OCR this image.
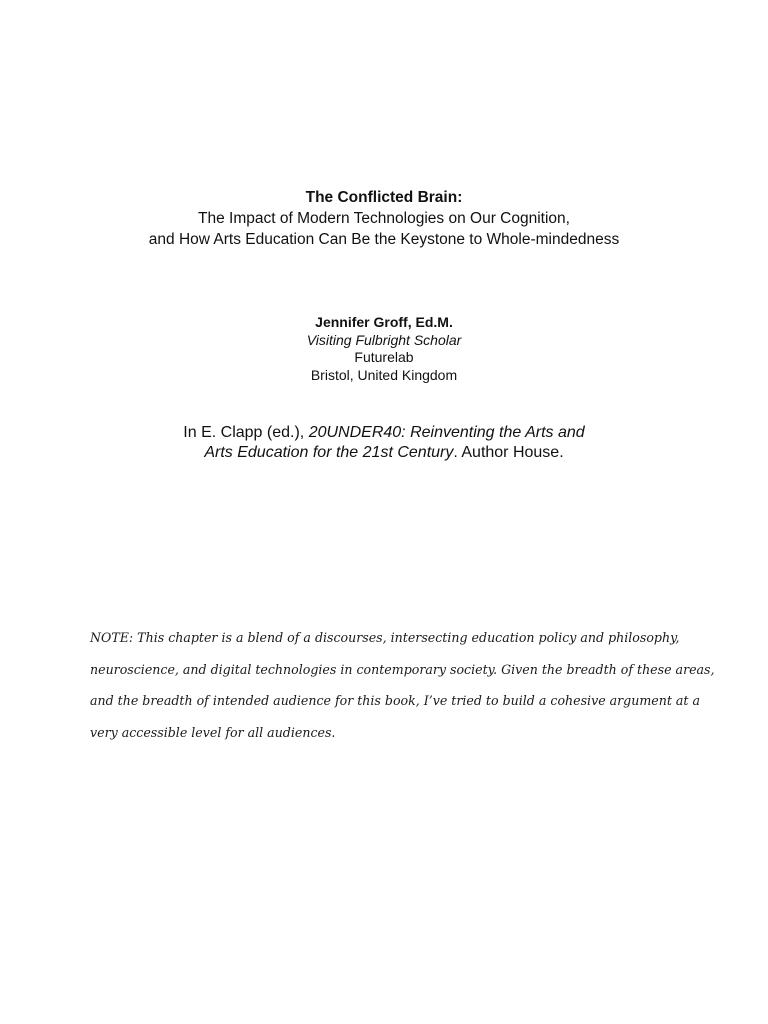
The Conflicted Brain:
The Impact of Modern Technologies on Our Cognition,
and How Arts Education Can Be the Keystone to Whole-mindedness
Jennifer Groff, Ed.M.
Visiting Fulbright Scholar
Futurelab
Bristol, United Kingdom
In E. Clapp (ed.), 20UNDER40: Reinventing the Arts and
Arts Education for the 21st Century. Author House.
NOTE: This chapter is a blend of a discourses, intersecting education policy and philosophy,
neuroscience, and digital technologies in contemporary society. Given the breadth of these areas,
and the breadth of intended audience for this book, I’ve tried to build a cohesive argument at a
very accessible level for all audiences.
